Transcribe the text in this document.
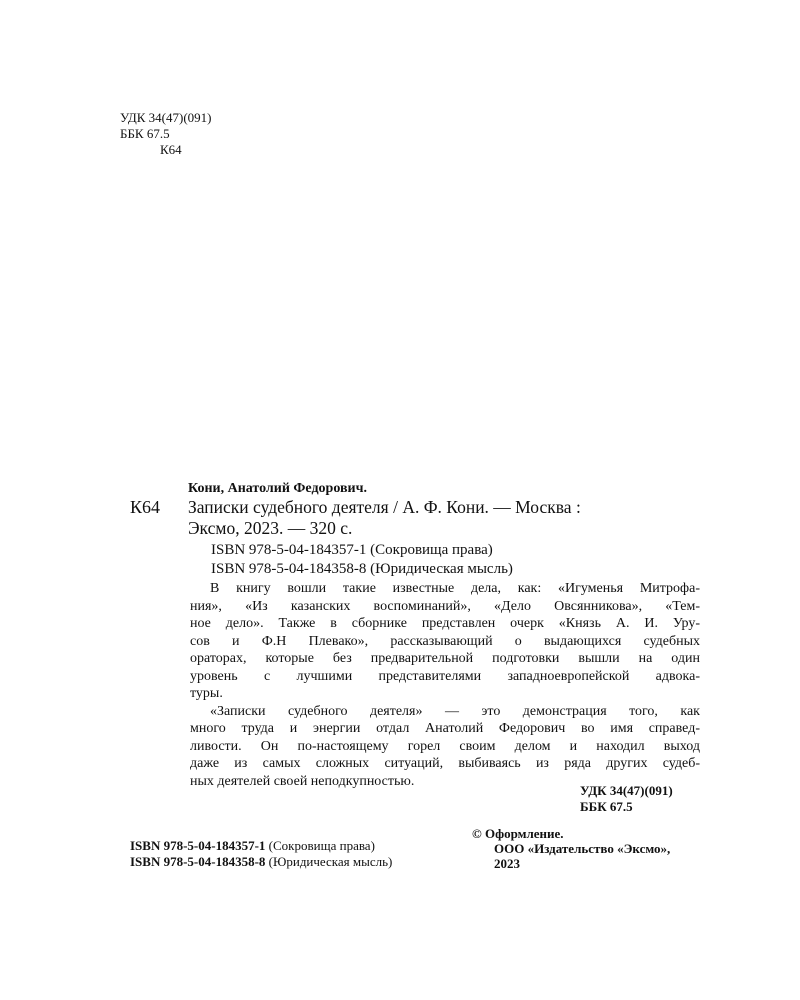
УДК 34(47)(091)
ББК 67.5
К64
К64
Кони, Анатолий Федорович.
Записки судебного деятеля / А. Ф. Кони. — Москва :
Эксмо, 2023. — 320 с.
ISBN 978-5-04-184357-1 (Сокровища права)
ISBN 978-5-04-184358-8 (Юридическая мысль)
В книгу вошли такие известные дела, как: «Игуменья Митрофа-
ния», «Из казанских воспоминаний», «Дело Овсянникова», «Тем-
ное дело». Также в сборнике представлен очерк «Князь А. И. Уру-
сов и Ф.Н Плевако», рассказывающий о выдающихся судебных
ораторах, которые без предварительной подготовки вышли на один
уровень с лучшими представителями западноевропейской адвока-
туры.
«Записки судебного деятеля» — это демонстрация того, как
много труда и энергии отдал Анатолий Федорович во имя справед-
ливости. Он по-настоящему горел своим делом и находил выход
даже из самых сложных ситуаций, выбиваясь из ряда других судеб-
ных деятелей своей неподкупностью.
УДК 34(47)(091)
ББК 67.5
ISBN 978-5-04-184357-1 (Сокровища права)
ISBN 978-5-04-184358-8 (Юридическая мысль)
© Оформление.
ООО «Издательство «Эксмо»,
2023
